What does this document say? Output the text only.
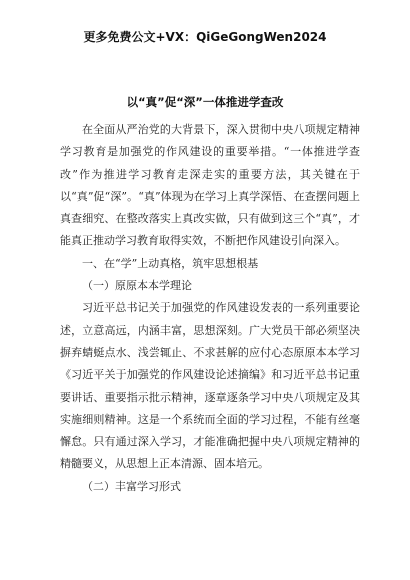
更多免费公文+VX：QiGeGongWen2024
以“真”促“深”一体推进学查改

在全面从严治党的大背景下，深入贯彻中央八项规定精神学习教育是加强党的作风建设的重要举措。“一体推进学查改”作为推进学习教育走深走实的重要方法，其关键在于以“真”促“深”。“真”体现为在学习上真学深悟、在查摆问题上真查细究、在整改落实上真改实做，只有做到这三个“真”，才能真正推动学习教育取得实效，不断把作风建设引向深入。

一、在“学”上动真格，筑牢思想根基

（一）原原本本学理论

习近平总书记关于加强党的作风建设发表的一系列重要论述，立意高远，内涵丰富，思想深刻。广大党员干部必须坚决摒弃蜻蜓点水、浅尝辄止、不求甚解的应付心态原原本本学习《习近平关于加强党的作风建设论述摘编》和习近平总书记重要讲话、重要指示批示精神，逐章逐条学习中央八项规定及其实施细则精神。这是一个系统而全面的学习过程，不能有丝毫懈怠。只有通过深入学习，才能准确把握中央八项规定精神的精髓要义，从思想上正本清源、固本培元。

（二）丰富学习形式
